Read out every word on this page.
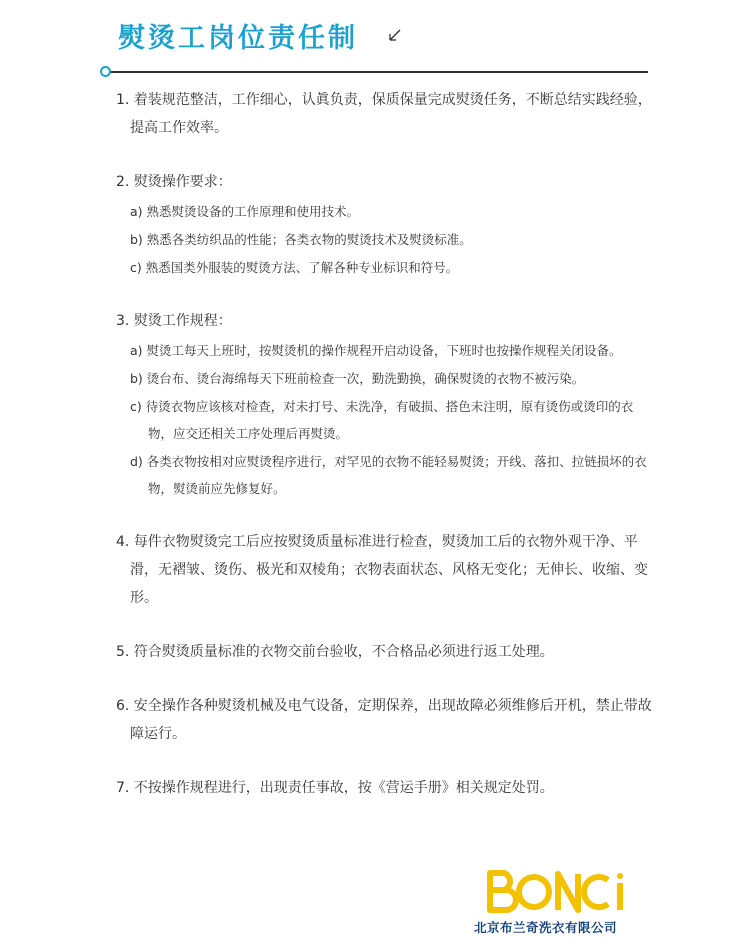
熨烫工岗位责任制
1. 着装规范整洁，工作细心，认眞负责，保质保量完成熨烫任务，不断总结实践经验，提高工作效率。
2. 熨烫操作要求：
a) 熟悉熨烫设备的工作原理和使用技术。
b) 熟悉各类纺织品的性能；各类衣物的熨烫技术及熨烫标准。
c) 熟悉国类外服装的熨烫方法、了解各种专业标识和符号。
3. 熨烫工作规程：
a) 熨烫工每天上班时，按熨烫机的操作规程开启动设备，下班时也按操作规程关闭设备。
b) 烫台布、烫台海绵每天下班前检查一次，勤洗勤换，确保熨烫的衣物不被污染。
c) 待烫衣物应该核对检查，对未打号、未洗净，有破损、搭色未注明，原有烫伤或烫印的衣物，应交还相关工序处理后再熨烫。
d) 各类衣物按相对应熨烫程序进行，对罕见的衣物不能轻易熨烫；开线、落扣、拉链损坏的衣物，熨烫前应先修复好。
4. 每件衣物熨烫完工后应按熨烫质量标准进行检查，熨烫加工后的衣物外观干净、平滑，无褶皱、烫伤、极光和双棱角；衣物表面状态、风格无变化；无伸长、收缩、变形。
5. 符合熨烫质量标准的衣物交前台验收，不合格品必须进行返工处理。
6. 安全操作各种熨烫机械及电气设备，定期保养，出现故障必须维修后开机，禁止带故障运行。
7. 不按操作规程进行，出现责任事故，按《营运手册》相关规定处罚。
北京布兰奇洗衣有限公司
